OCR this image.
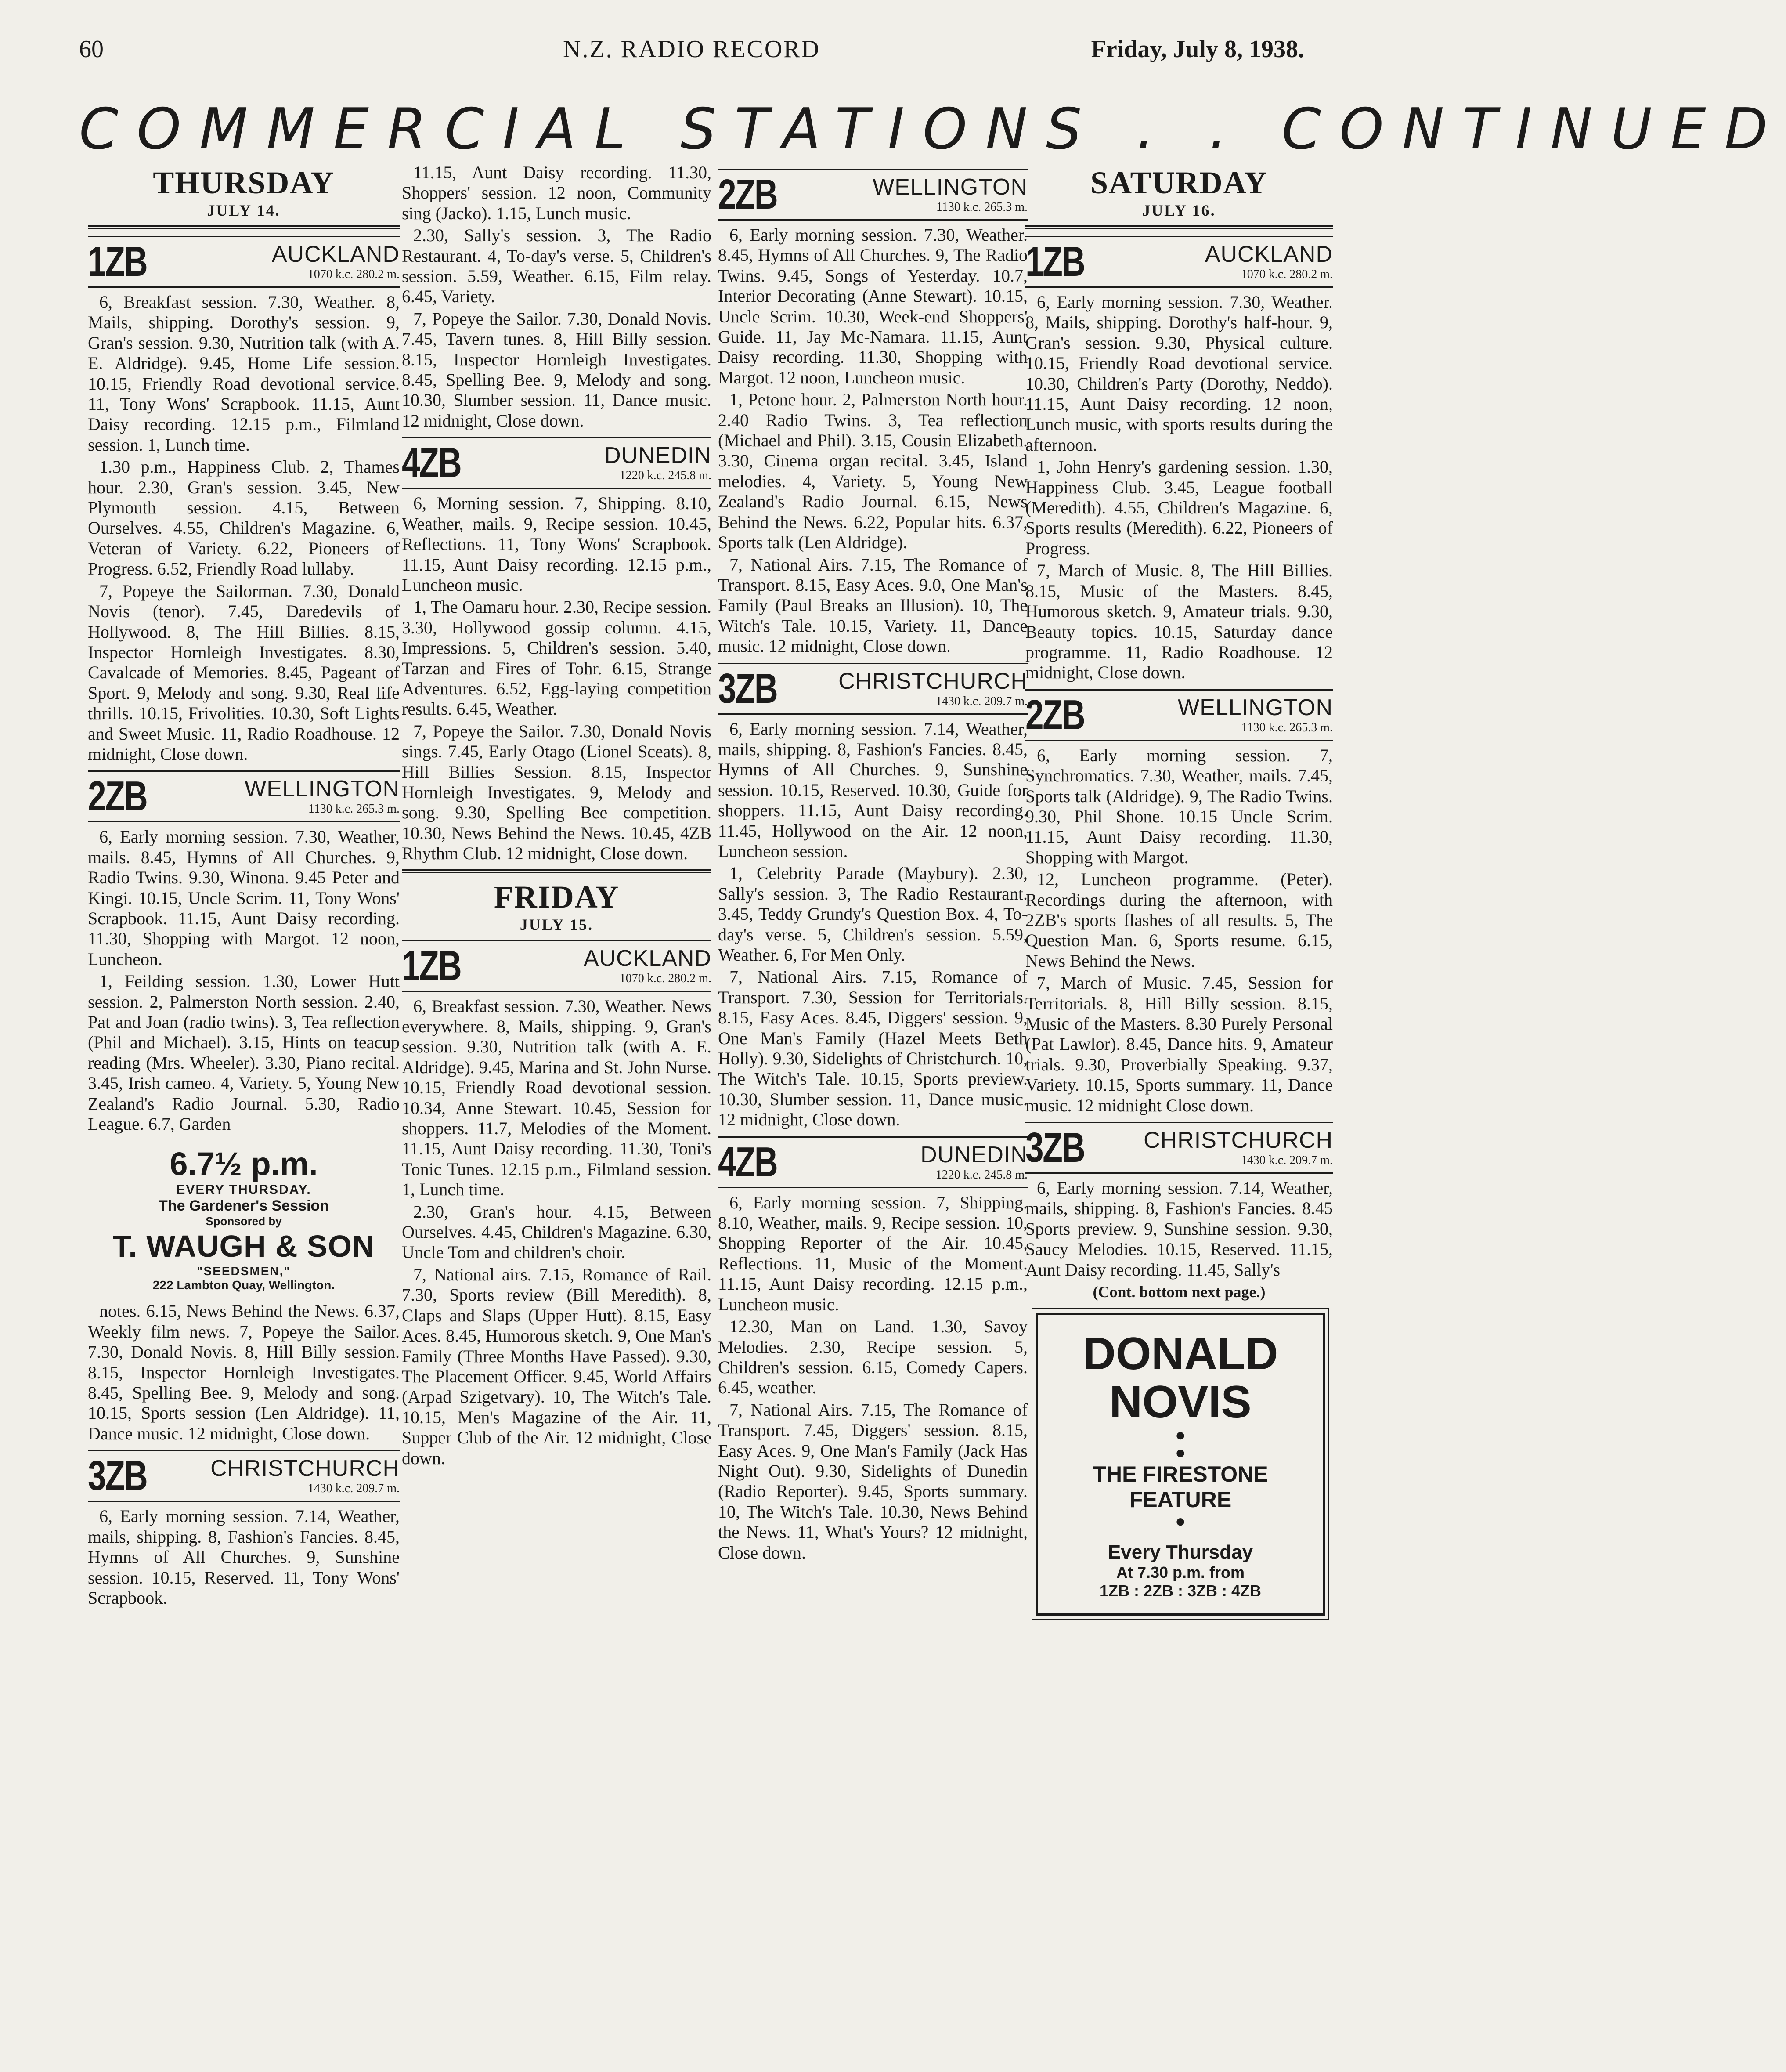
60	N.Z. RADIO RECORD	Friday, July 8, 1938.
COMMERCIAL STATIONS . . CONTINUED
THURSDAY
JULY 14.
1ZB	AUCKLAND
1070 k.c. 280.2 m.

6, Breakfast session. 7.30, Weather. 8, Mails, shipping. Dorothy's session. 9, Gran's session. 9.30, Nutrition talk (with A. E. Aldridge). 9.45, Home Life session. 10.15, Friendly Road devotional service. 11, Tony Wons' Scrapbook. 11.15, Aunt Daisy recording. 12.15 p.m., Filmland session. 1, Lunch time.

1.30 p.m., Happiness Club. 2, Thames hour. 2.30, Gran's session. 3.45, New Plymouth session. 4.15, Between Ourselves. 4.55, Children's Magazine. 6, Veteran of Variety. 6.22, Pioneers of Progress. 6.52, Friendly Road lullaby.

7, Popeye the Sailorman. 7.30, Donald Novis (tenor). 7.45, Daredevils of Hollywood. 8, The Hill Billies. 8.15, Inspector Hornleigh Investigates. 8.30, Cavalcade of Memories. 8.45, Pageant of Sport. 9, Melody and song. 9.30, Real life thrills. 10.15, Frivolities. 10.30, Soft Lights and Sweet Music. 11, Radio Roadhouse. 12 midnight, Close down.

2ZB	WELLINGTON
1130 k.c. 265.3 m.

6, Early morning session. 7.30, Weather, mails. 8.45, Hymns of All Churches. 9, Radio Twins. 9.30, Winona. 9.45 Peter and Kingi. 10.15, Uncle Scrim. 11, Tony Wons' Scrapbook. 11.15, Aunt Daisy recording. 11.30, Shopping with Margot. 12 noon, Luncheon.

1, Feilding session. 1.30, Lower Hutt session. 2, Palmerston North session. 2.40, Pat and Joan (radio twins). 3, Tea reflection (Phil and Michael). 3.15, Hints on teacup reading (Mrs. Wheeler). 3.30, Piano recital. 3.45, Irish cameo. 4, Variety. 5, Young New Zealand's Radio Journal. 5.30, Radio League. 6.7, Garden

6.7½ p.m.
EVERY THURSDAY.
The Gardener's Session
Sponsored by
T. WAUGH & SON
"SEEDSMEN,"
222 Lambton Quay, Wellington.

notes. 6.15, News Behind the News. 6.37, Weekly film news. 7, Popeye the Sailor. 7.30, Donald Novis. 8, Hill Billy session. 8.15, Inspector Hornleigh Investigates. 8.45, Spelling Bee. 9, Melody and song. 10.15, Sports session (Len Aldridge). 11, Dance music. 12 midnight, Close down.

3ZB	CHRISTCHURCH
1430 k.c. 209.7 m.

6, Early morning session. 7.14, Weather, mails, shipping. 8, Fashion's Fancies. 8.45, Hymns of All Churches. 9, Sunshine session. 10.15, Reserved. 11, Tony Wons' Scrapbook.

11.15, Aunt Daisy recording. 11.30, Shoppers' session. 12 noon, Community sing (Jacko). 1.15, Lunch music.

2.30, Sally's session. 3, The Radio Restaurant. 4, To-day's verse. 5, Children's session. 5.59, Weather. 6.15, Film relay. 6.45, Variety.

7, Popeye the Sailor. 7.30, Donald Novis. 7.45, Tavern tunes. 8, Hill Billy session. 8.15, Inspector Hornleigh Investigates. 8.45, Spelling Bee. 9, Melody and song. 10.30, Slumber session. 11, Dance music. 12 midnight, Close down.

4ZB	DUNEDIN
1220 k.c. 245.8 m.

6, Morning session. 7, Shipping. 8.10, Weather, mails. 9, Recipe session. 10.45, Reflections. 11, Tony Wons' Scrapbook. 11.15, Aunt Daisy recording. 12.15 p.m., Luncheon music.

1, The Oamaru hour. 2.30, Recipe session. 3.30, Hollywood gossip column. 4.15, Impressions. 5, Children's session. 5.40, Tarzan and Fires of Tohr. 6.15, Strange Adventures. 6.52, Egg-laying competition results. 6.45, Weather.

7, Popeye the Sailor. 7.30, Donald Novis sings. 7.45, Early Otago (Lionel Sceats). 8, Hill Billies Session. 8.15, Inspector Hornleigh Investigates. 9, Melody and song. 9.30, Spelling Bee competition. 10.30, News Behind the News. 10.45, 4ZB Rhythm Club. 12 midnight, Close down.

FRIDAY
JULY 15.
1ZB	AUCKLAND
1070 k.c. 280.2 m.

6, Breakfast session. 7.30, Weather. News everywhere. 8, Mails, shipping. 9, Gran's session. 9.30, Nutrition talk (with A. E. Aldridge). 9.45, Marina and St. John Nurse. 10.15, Friendly Road devotional session. 10.34, Anne Stewart. 10.45, Session for shoppers. 11.7, Melodies of the Moment. 11.15, Aunt Daisy recording. 11.30, Toni's Tonic Tunes. 12.15 p.m., Filmland session. 1, Lunch time.

2.30, Gran's hour. 4.15, Between Ourselves. 4.45, Children's Magazine. 6.30, Uncle Tom and children's choir.

7, National airs. 7.15, Romance of Rail. 7.30, Sports review (Bill Meredith). 8, Claps and Slaps (Upper Hutt). 8.15, Easy Aces. 8.45, Humorous sketch. 9, One Man's Family (Three Months Have Passed). 9.30, The Placement Officer. 9.45, World Affairs (Arpad Szigetvary). 10, The Witch's Tale. 10.15, Men's Magazine of the Air. 11, Supper Club of the Air. 12 midnight, Close down.

2ZB	WELLINGTON
1130 k.c. 265.3 m.

6, Early morning session. 7.30, Weather. 8.45, Hymns of All Churches. 9, The Radio Twins. 9.45, Songs of Yesterday. 10.7, Interior Decorating (Anne Stewart). 10.15, Uncle Scrim. 10.30, Week-end Shoppers' Guide. 11, Jay Mc-Namara. 11.15, Aunt Daisy recording. 11.30, Shopping with Margot. 12 noon, Luncheon music.

1, Petone hour. 2, Palmerston North hour. 2.40 Radio Twins. 3, Tea reflection (Michael and Phil). 3.15, Cousin Elizabeth. 3.30, Cinema organ recital. 3.45, Island melodies. 4, Variety. 5, Young New Zealand's Radio Journal. 6.15, News Behind the News. 6.22, Popular hits. 6.37, Sports talk (Len Aldridge).

7, National Airs. 7.15, The Romance of Transport. 8.15, Easy Aces. 9.0, One Man's Family (Paul Breaks an Illusion). 10, The Witch's Tale. 10.15, Variety. 11, Dance music. 12 midnight, Close down.

3ZB	CHRISTCHURCH
1430 k.c. 209.7 m.

6, Early morning session. 7.14, Weather, mails, shipping. 8, Fashion's Fancies. 8.45, Hymns of All Churches. 9, Sunshine session. 10.15, Reserved. 10.30, Guide for shoppers. 11.15, Aunt Daisy recording. 11.45, Hollywood on the Air. 12 noon, Luncheon session.

1, Celebrity Parade (Maybury). 2.30, Sally's session. 3, The Radio Restaurant. 3.45, Teddy Grundy's Question Box. 4, To-day's verse. 5, Children's session. 5.59, Weather. 6, For Men Only.

7, National Airs. 7.15, Romance of Transport. 7.30, Session for Territorials. 8.15, Easy Aces. 8.45, Diggers' session. 9, One Man's Family (Hazel Meets Beth Holly). 9.30, Sidelights of Christchurch. 10, The Witch's Tale. 10.15, Sports preview. 10.30, Slumber session. 11, Dance music. 12 midnight, Close down.

4ZB	DUNEDIN
1220 k.c. 245.8 m.

6, Early morning session. 7, Shipping. 8.10, Weather, mails. 9, Recipe session. 10, Shopping Reporter of the Air. 10.45, Reflections. 11, Music of the Moment. 11.15, Aunt Daisy recording. 12.15 p.m., Luncheon music.

12.30, Man on Land. 1.30, Savoy Melodies. 2.30, Recipe session. 5, Children's session. 6.15, Comedy Capers. 6.45, weather.

7, National Airs. 7.15, The Romance of Transport. 7.45, Diggers' session. 8.15, Easy Aces. 9, One Man's Family (Jack Has Night Out). 9.30, Sidelights of Dunedin (Radio Reporter). 9.45, Sports summary. 10, The Witch's Tale. 10.30, News Behind the News. 11, What's Yours? 12 midnight, Close down.

SATURDAY
JULY 16.
1ZB	AUCKLAND
1070 k.c. 280.2 m.

6, Early morning session. 7.30, Weather. 8, Mails, shipping. Dorothy's half-hour. 9, Gran's session. 9.30, Physical culture. 10.15, Friendly Road devotional service. 10.30, Children's Party (Dorothy, Neddo). 11.15, Aunt Daisy recording. 12 noon, Lunch music, with sports results during the afternoon.

1, John Henry's gardening session. 1.30, Happiness Club. 3.45, League football (Meredith). 4.55, Children's Magazine. 6, Sports results (Meredith). 6.22, Pioneers of Progress.

7, March of Music. 8, The Hill Billies. 8.15, Music of the Masters. 8.45, Humorous sketch. 9, Amateur trials. 9.30, Beauty topics. 10.15, Saturday dance programme. 11, Radio Roadhouse. 12 midnight, Close down.

2ZB	WELLINGTON
1130 k.c. 265.3 m.

6, Early morning session. 7, Synchromatics. 7.30, Weather, mails. 7.45, Sports talk (Aldridge). 9, The Radio Twins. 9.30, Phil Shone. 10.15 Uncle Scrim. 11.15, Aunt Daisy recording. 11.30, Shopping with Margot.

12, Luncheon programme. (Peter). Recordings during the afternoon, with 2ZB's sports flashes of all results. 5, The Question Man. 6, Sports resume. 6.15, News Behind the News.

7, March of Music. 7.45, Session for Territorials. 8, Hill Billy session. 8.15, Music of the Masters. 8.30 Purely Personal (Pat Lawlor). 8.45, Dance hits. 9, Amateur trials. 9.30, Proverbially Speaking. 9.37, Variety. 10.15, Sports summary. 11, Dance music. 12 midnight Close down.

3ZB	CHRISTCHURCH
1430 k.c. 209.7 m.

6, Early morning session. 7.14, Weather, mails, shipping. 8, Fashion's Fancies. 8.45 Sports preview. 9, Sunshine session. 9.30, Saucy Melodies. 10.15, Reserved. 11.15, Aunt Daisy recording. 11.45, Sally's

(Cont. bottom next page.)
DONALD
NOVIS
●
●
THE FIRESTONE
FEATURE
●
Every Thursday
At 7.30 p.m. from
1ZB : 2ZB : 3ZB : 4ZB
